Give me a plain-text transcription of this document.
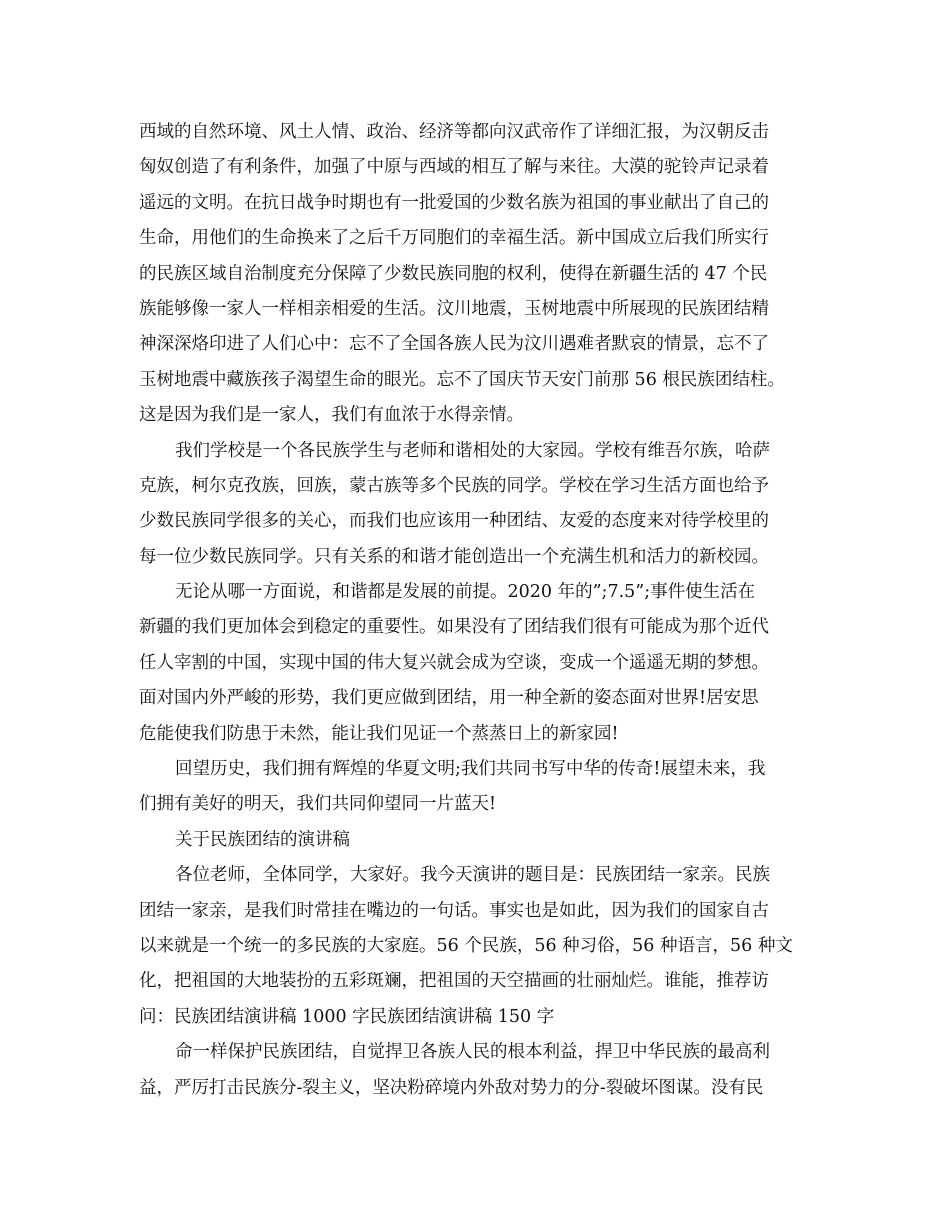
西域的自然环境、风土人情、政治、经济等都向汉武帝作了详细汇报，为汉朝反击
匈奴创造了有利条件，加强了中原与西域的相互了解与来往。大漠的驼铃声记录着
遥远的文明。在抗日战争时期也有一批爱国的少数名族为祖国的事业献出了自己的
生命，用他们的生命换来了之后千万同胞们的幸福生活。新中国成立后我们所实行
的民族区域自治制度充分保障了少数民族同胞的权利，使得在新疆生活的 47 个民
族能够像一家人一样相亲相爱的生活。汶川地震，玉树地震中所展现的民族团结精
神深深烙印进了人们心中：忘不了全国各族人民为汶川遇难者默哀的情景，忘不了
玉树地震中藏族孩子渴望生命的眼光。忘不了国庆节天安门前那 56 根民族团结柱。
这是因为我们是一家人，我们有血浓于水得亲情。
我们学校是一个各民族学生与老师和谐相处的大家园。学校有维吾尔族，哈萨
克族，柯尔克孜族，回族，蒙古族等多个民族的同学。学校在学习生活方面也给予
少数民族同学很多的关心，而我们也应该用一种团结、友爱的态度来对待学校里的
每一位少数民族同学。只有关系的和谐才能创造出一个充满生机和活力的新校园。
无论从哪一方面说，和谐都是发展的前提。2020 年的”;7.5”;事件使生活在
新疆的我们更加体会到稳定的重要性。如果没有了团结我们很有可能成为那个近代
任人宰割的中国，实现中国的伟大复兴就会成为空谈，变成一个遥遥无期的梦想。
面对国内外严峻的形势，我们更应做到团结，用一种全新的姿态面对世界!居安思
危能使我们防患于未然，能让我们见证一个蒸蒸日上的新家园!
回望历史，我们拥有辉煌的华夏文明;我们共同书写中华的传奇!展望未来，我
们拥有美好的明天，我们共同仰望同一片蓝天!
关于民族团结的演讲稿
各位老师，全体同学，大家好。我今天演讲的题目是：民族团结一家亲。民族
团结一家亲，是我们时常挂在嘴边的一句话。事实也是如此，因为我们的国家自古
以来就是一个统一的多民族的大家庭。56 个民族，56 种习俗，56 种语言，56 种文
化，把祖国的大地装扮的五彩斑斓，把祖国的天空描画的壮丽灿烂。谁能，推荐访
问：民族团结演讲稿 1000 字民族团结演讲稿 150 字
命一样保护民族团结，自觉捍卫各族人民的根本利益，捍卫中华民族的最高利
益，严厉打击民族分-裂主义，坚决粉碎境内外敌对势力的分-裂破坏图谋。没有民
